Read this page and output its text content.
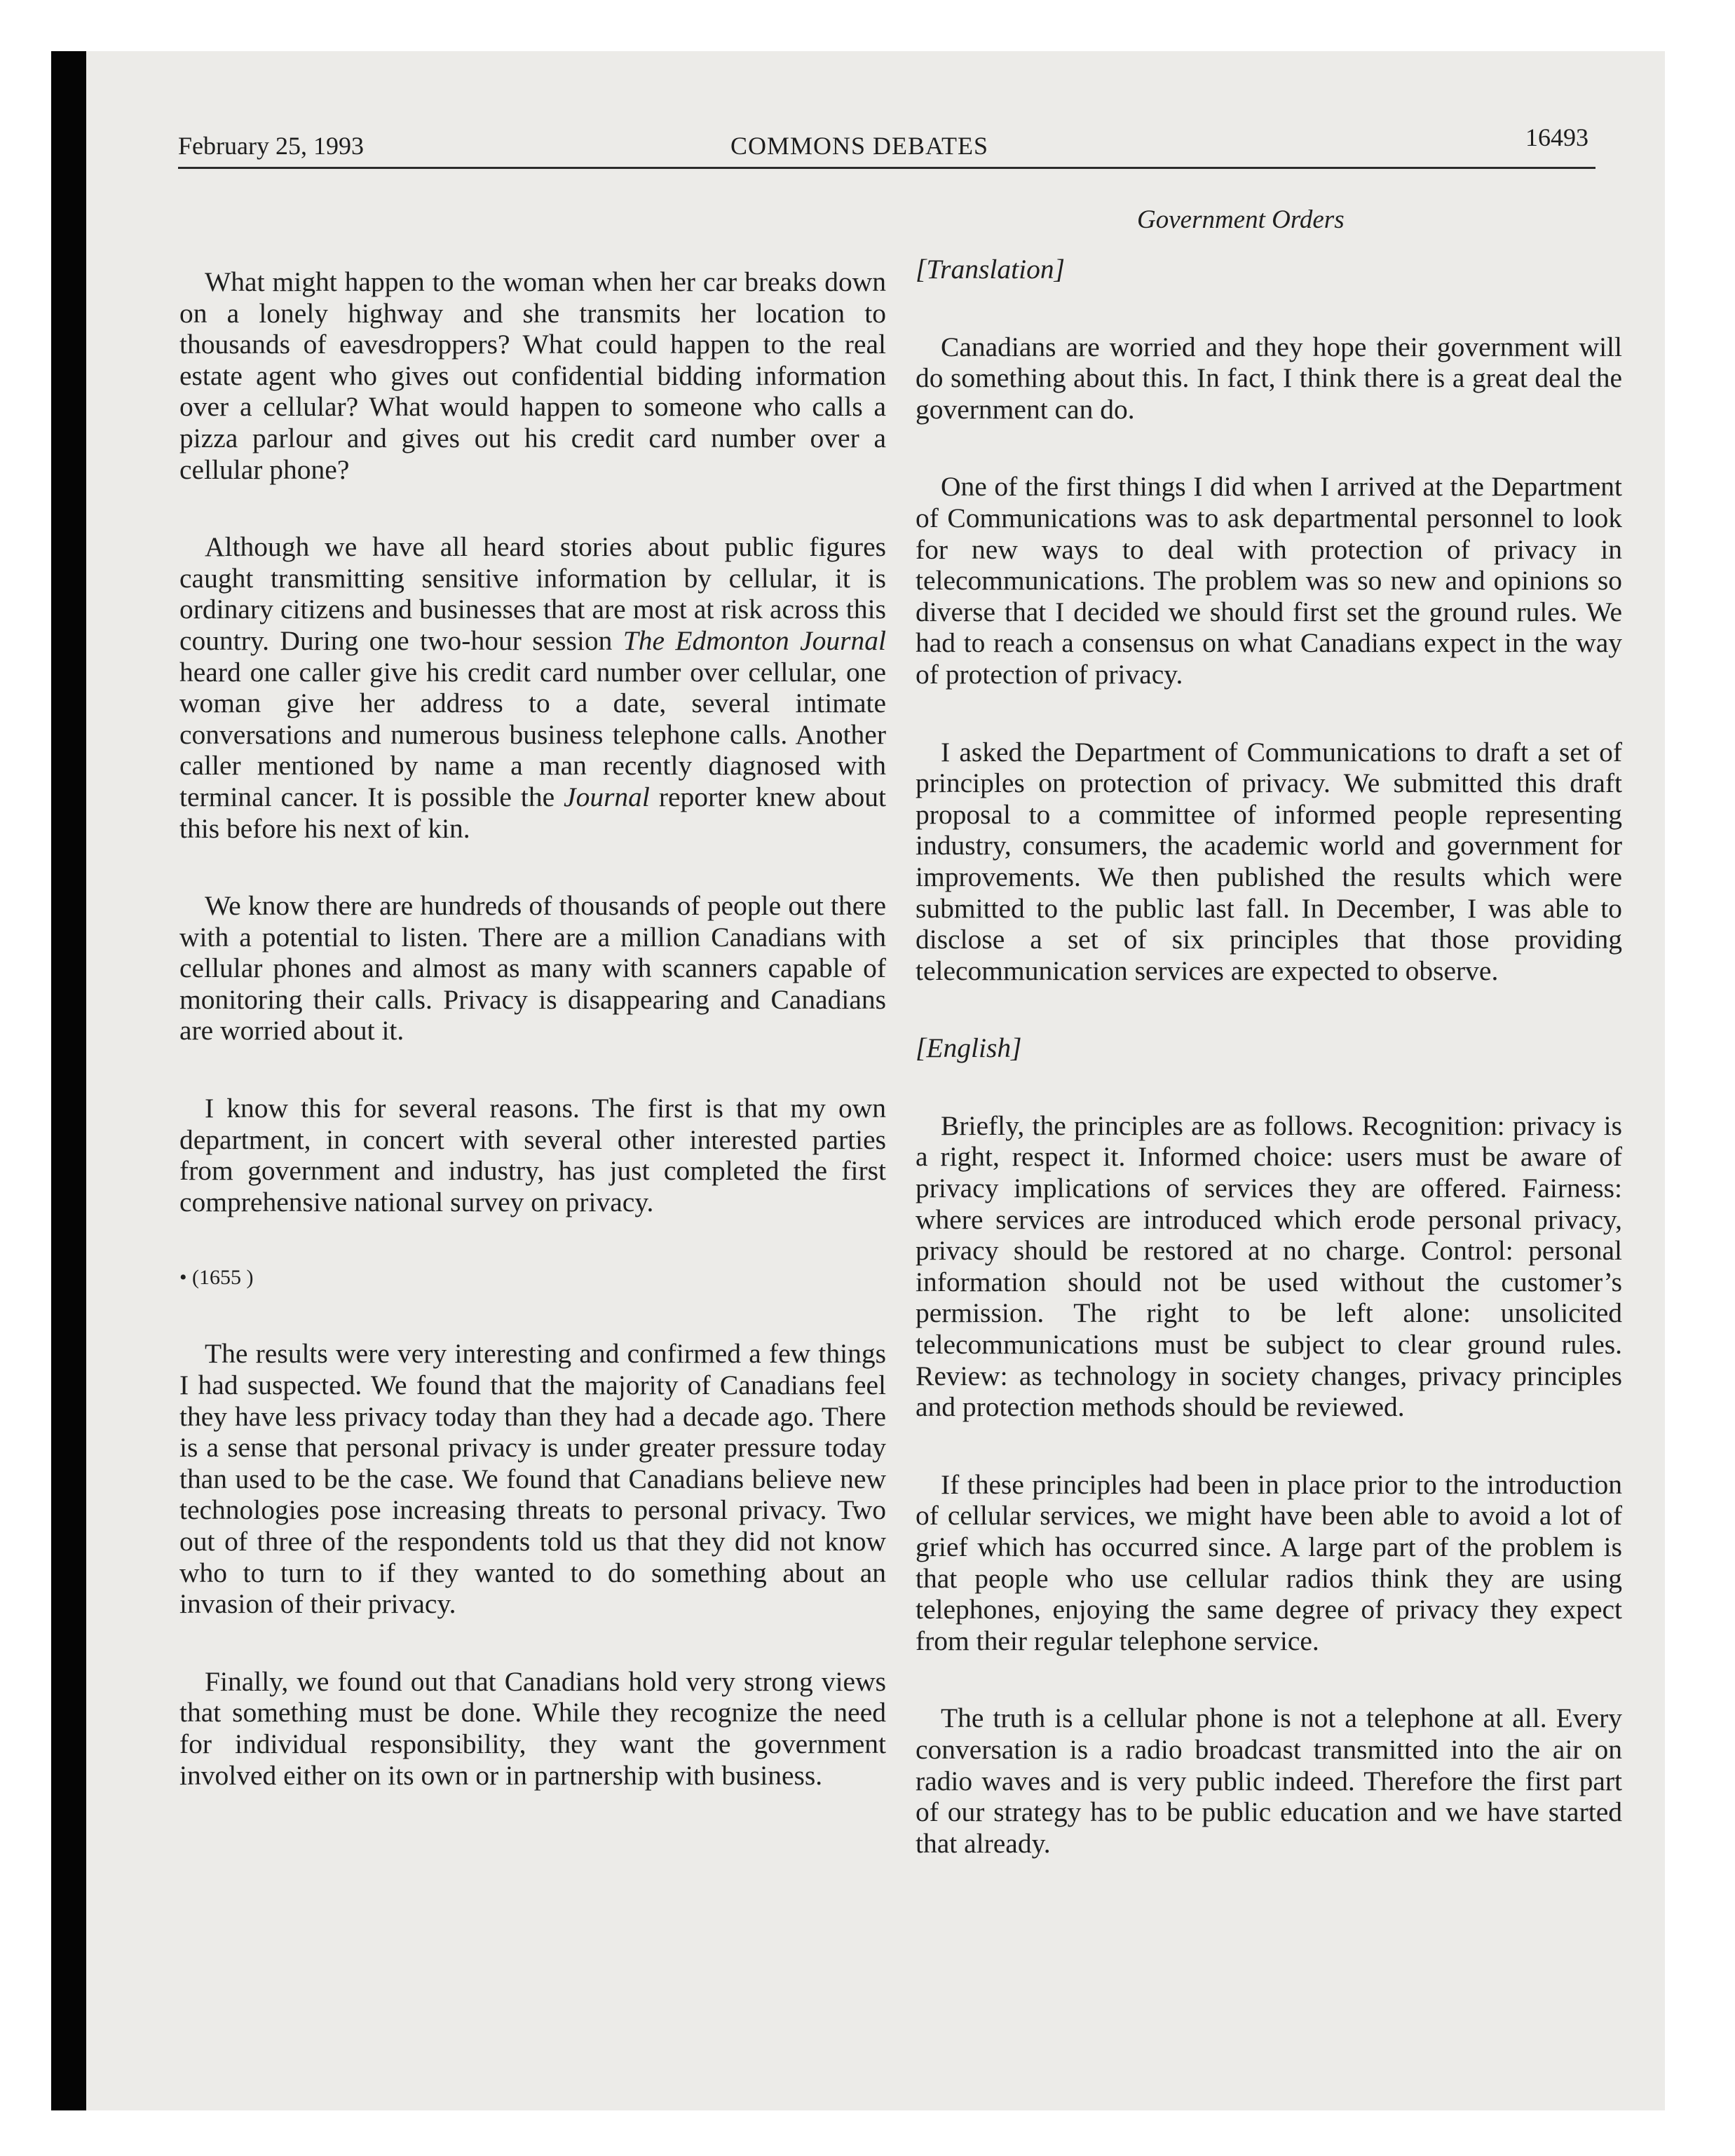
February 25, 1993	COMMONS DEBATES	16493
Government Orders

What might happen to the woman when her car breaks down on a lonely highway and she transmits her location to thousands of eavesdroppers? What could happen to the real estate agent who gives out confidential bidding information over a cellular? What would happen to someone who calls a pizza parlour and gives out his credit card number over a cellular phone?

Although we have all heard stories about public figures caught transmitting sensitive information by cellular, it is ordinary citizens and businesses that are most at risk across this country. During one two-hour session The Edmonton Journal heard one caller give his credit card number over cellular, one woman give her address to a date, several intimate conversations and numerous business telephone calls. Another caller mentioned by name a man recently diagnosed with terminal cancer. It is possible the Journal reporter knew about this before his next of kin.

We know there are hundreds of thousands of people out there with a potential to listen. There are a million Canadians with cellular phones and almost as many with scanners capable of monitoring their calls. Privacy is disappearing and Canadians are worried about it.

I know this for several reasons. The first is that my own department, in concert with several other interested parties from government and industry, has just completed the first comprehensive national survey on privacy.

• (1655 )

The results were very interesting and confirmed a few things I had suspected. We found that the majority of Canadians feel they have less privacy today than they had a decade ago. There is a sense that personal privacy is under greater pressure today than used to be the case. We found that Canadians believe new technologies pose increasing threats to personal privacy. Two out of three of the respondents told us that they did not know who to turn to if they wanted to do something about an invasion of their privacy.

Finally, we found out that Canadians hold very strong views that something must be done. While they recognize the need for individual responsibility, they want the government involved either on its own or in partnership with business.

[Translation]

Canadians are worried and they hope their government will do something about this. In fact, I think there is a great deal the government can do.

One of the first things I did when I arrived at the Department of Communications was to ask departmental personnel to look for new ways to deal with protection of privacy in telecommunications. The problem was so new and opinions so diverse that I decided we should first set the ground rules. We had to reach a consensus on what Canadians expect in the way of protection of privacy.

I asked the Department of Communications to draft a set of principles on protection of privacy. We submitted this draft proposal to a committee of informed people representing industry, consumers, the academic world and government for improvements. We then published the results which were submitted to the public last fall. In December, I was able to disclose a set of six principles that those providing telecommunication services are expected to observe.

[English]

Briefly, the principles are as follows. Recognition: privacy is a right, respect it. Informed choice: users must be aware of privacy implications of services they are offered. Fairness: where services are introduced which erode personal privacy, privacy should be restored at no charge. Control: personal information should not be used without the customer’s permission. The right to be left alone: unsolicited telecommunications must be subject to clear ground rules. Review: as technology in society changes, privacy principles and protection methods should be reviewed.

If these principles had been in place prior to the introduction of cellular services, we might have been able to avoid a lot of grief which has occurred since. A large part of the problem is that people who use cellular radios think they are using telephones, enjoying the same degree of privacy they expect from their regular telephone service.

The truth is a cellular phone is not a telephone at all. Every conversation is a radio broadcast transmitted into the air on radio waves and is very public indeed. Therefore the first part of our strategy has to be public education and we have started that already.
